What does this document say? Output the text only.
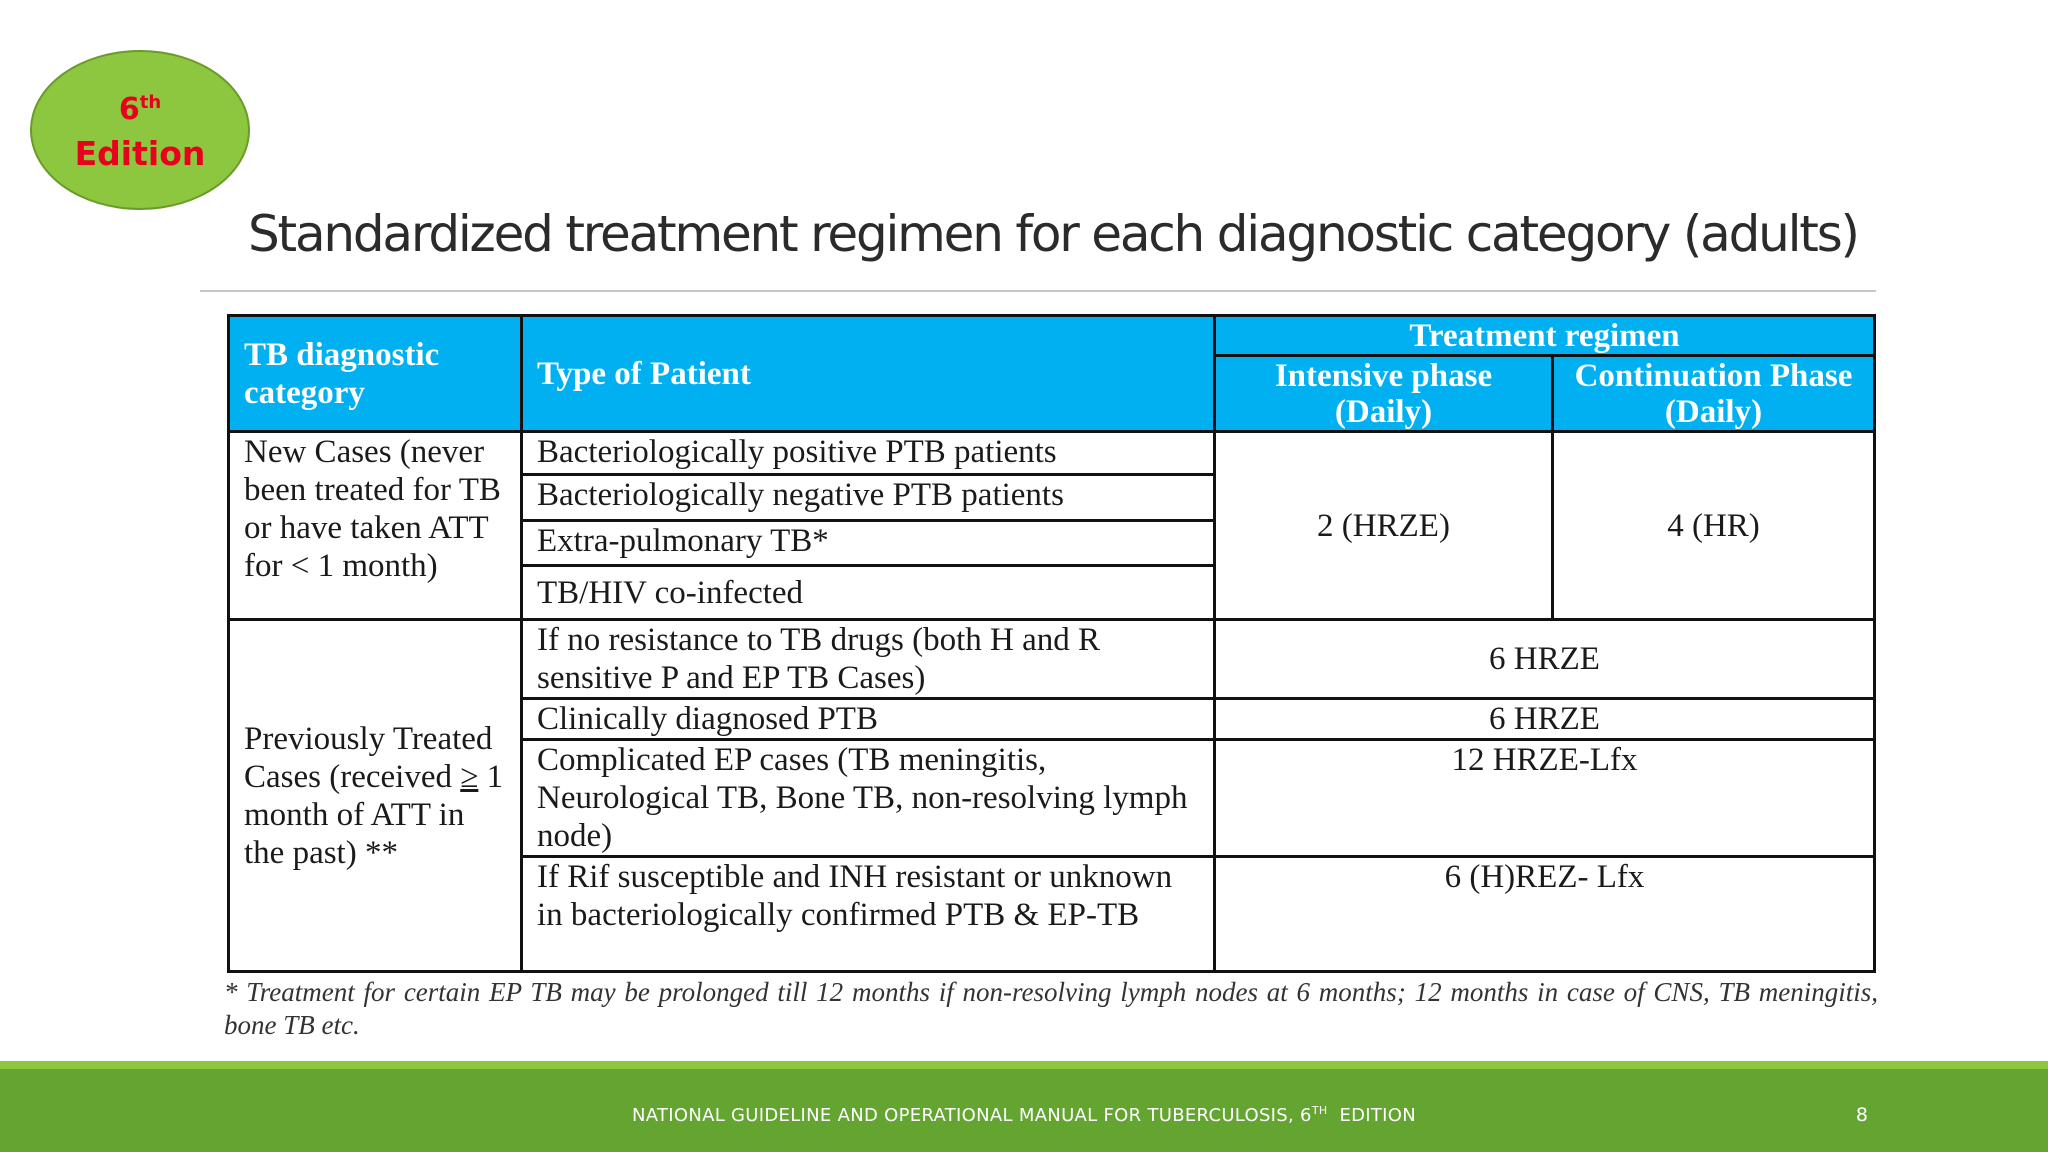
6th
Edition
Standardized treatment regimen for each diagnostic category (adults)
TB diagnostic category	Type of Patient	Treatment regimen	
		Intensive phase (Daily)	Continuation Phase (Daily)
New Cases (never been treated for TB or have taken ATT for < 1 month)	Bacteriologically positive PTB patients	2 (HRZE)	4 (HR)
	Bacteriologically negative PTB patients		
	Extra-pulmonary TB*		
	TB/HIV co-infected		
Previously Treated Cases (received ≥ 1 month of ATT in the past) **	If no resistance to TB drugs (both H and R sensitive P and EP TB Cases)	6 HRZE	
	Clinically diagnosed PTB	6 HRZE	
	Complicated EP cases (TB meningitis, Neurological TB, Bone TB, non-resolving lymph node)	12 HRZE-Lfx	
	If Rif susceptible and INH resistant or unknown in bacteriologically confirmed PTB & EP-TB	6 (H)REZ- Lfx	

* Treatment for certain EP TB may be prolonged till 12 months if non-resolving lymph nodes at 6 months; 12 months in case of CNS, TB meningitis, bone TB etc.

NATIONAL GUIDELINE AND OPERATIONAL MANUAL FOR TUBERCULOSIS, 6TH  EDITION	8
